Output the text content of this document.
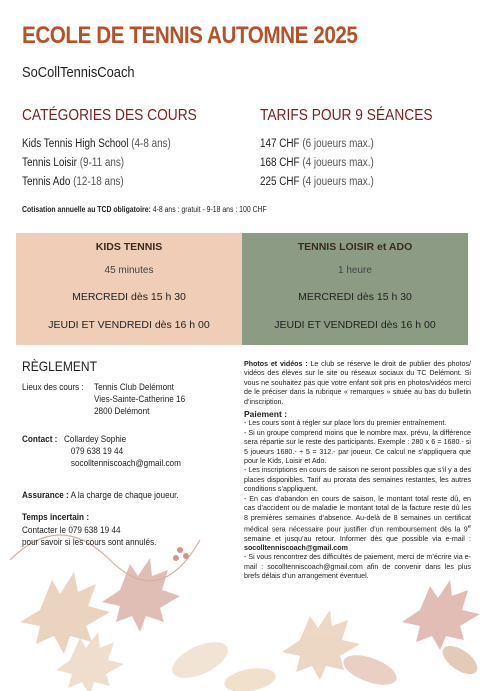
ECOLE DE TENNIS AUTOMNE 2025
SoCollTennisCoach
CATÉGORIES DES COURS
Kids Tennis High School (4-8 ans)
Tennis Loisir (9-11 ans)
Tennis Ado (12-18 ans)
TARIFS POUR 9 SÉANCES
147 CHF (6 joueurs max.)
168 CHF (4 joueurs max.)
225 CHF (4 joueurs max.)
Cotisation annuelle au TCD obligatoire: 4-8 ans : gratuit - 9-18 ans : 100 CHF
KIDS TENNIS
45 minutes
MERCREDI dès 15 h 30
JEUDI ET VENDREDI dès 16 h 00
TENNIS LOISIR et ADO
1 heure
MERCREDI dès 15 h 30
JEUDI ET VENDREDI dès 16 h 00
RÈGLEMENT
Lieux des cours : Tennis Club Delémont
Vies-Sainte-Catherine 16
2800 Delémont
Contact : Collardey Sophie
079 638 19 44
socolltenniscoach@gmail.com
Assurance : A la charge de chaque joueur.
Temps incertain :
Contacter le 079 638 19 44
pour savoir si les cours sont annulés.

Photos et vidéos : Le club se réserve le droit de publier des photos/ vidéos des élèves sur le site ou réseaux sociaux du TC Delémont. Si vous ne souhaitez pas que votre enfant soit pris en photos/vidéos merci de le préciser dans la rubrique « remarques » située au bas du bulletin d’inscription.

Paiement :

- Les cours sont à régler sur place lors du premier entraînement.

- Si un groupe comprend moins que le nombre max. prévu, la différence sera répartie sur le reste des participants. Exemple : 280 x 6 = 1680.- si 5 joueurs 1680.- ÷ 5 = 312.- par joueur. Ce calcul ne s’appliquera que pour le Kids, Loisir et Ado.

- Les inscriptions en cours de saison ne seront possibles que s’il y a des places disponibles. Tarif au prorata des semaines restantes, les autres conditions s’appliquent.

- En cas d’abandon en cours de saison, le montant total reste dû, en cas d’accident ou de maladie le montant total de la facture reste dû les 8 premières semaines d’absence. Au-delà de 8 semaines un certificat médical sera nécessaire pour justifier d’un remboursement dès la 9e semaine et jusqu’au retour. Informer dès que possible via e-mail : socolltenniscoach@gmail.com

- Si vous rencontrez des difficultés de paiement, merci de m’écrire via e-mail : socolltenniscoach@gmail.com afin de convenir dans les plus brefs délais d’un arrangement éventuel.
